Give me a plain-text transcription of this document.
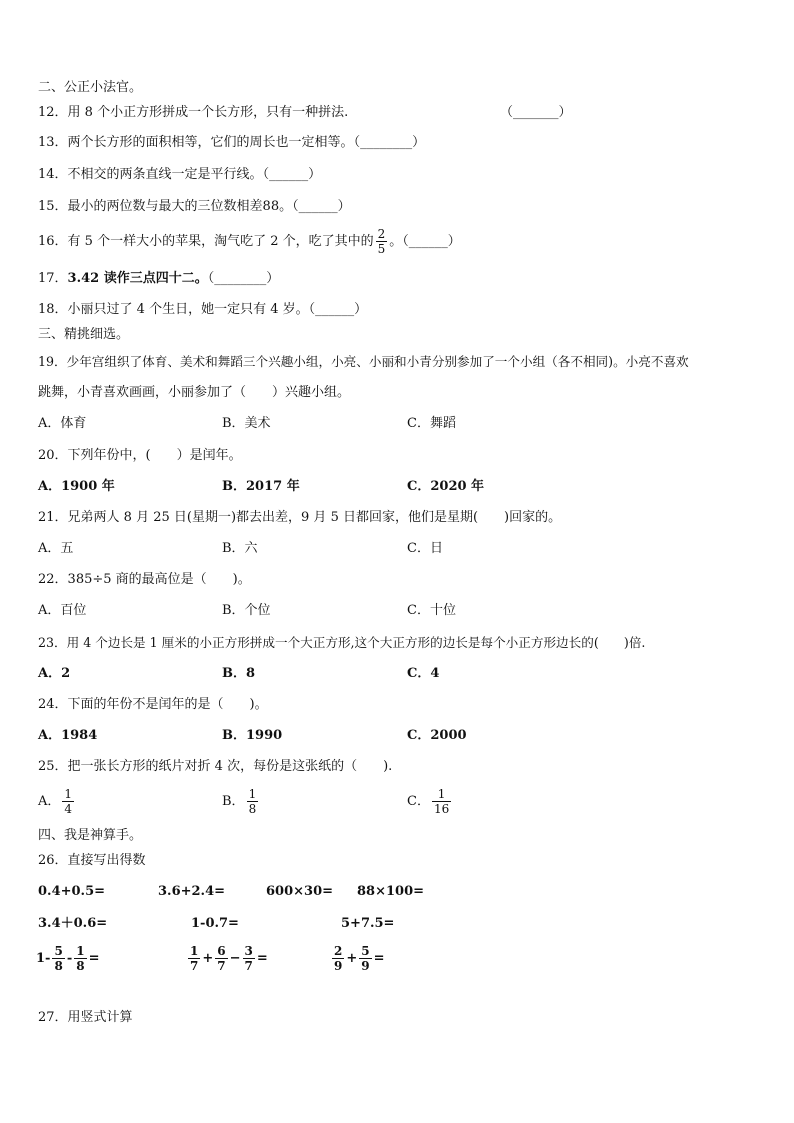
二、公正小法官。
12．用 8 个小正方形拼成一个长方形，只有一种拼法.	（_______）
13．两个长方形的面积相等，它们的周长也一定相等。（________）
14．不相交的两条直线一定是平行线。（______）
15．最小的两位数与最大的三位数相差88。（______）
16．有 5 个一样大小的苹果，淘气吃了 2 个，吃了其中的 $\frac{2}{5}$ 。（______）
17．3.42 读作三点四十二。（________）
18．小丽只过了 4 个生日，她一定只有 4 岁。（______）
三、精挑细选。
19．少年宫组织了体育、美术和舞蹈三个兴趣小组，小亮、小丽和小青分别参加了一个小组（各不相同)。小亮不喜欢
跳舞，小青喜欢画画，小丽参加了（　　）兴趣小组。
A．体育	B．美术	C．舞蹈
20．下列年份中，(　　）是闰年。
A．1900 年	B．2017 年	C．2020 年
21．兄弟两人 8 月 25 日(星期一)都去出差，9 月 5 日都回家，他们是星期(　　)回家的。
A．五	B．六	C．日
22．385÷5 商的最高位是（　　)。
A．百位	B．个位	C．十位
23．用 4 个边长是 1 厘米的小正方形拼成一个大正方形,这个大正方形的边长是每个小正方形边长的(　　)倍.
A．2	B．8	C．4
24．下面的年份不是闰年的是（　　)。
A．1984	B．1990	C．2000
25．把一张长方形的纸片对折 4 次，每份是这张纸的（　　).
A． $\frac{1}{4}$	B． $\frac{1}{8}$	C． $\frac{1}{16}$
四、我是神算手。
26．直接写出得数
0.4+0.5=	3.6+2.4=	600×30= 88×100=
3.4＋0.6=	1-0.7=	5+7.5=
$1- \frac{5}{8} - \frac{1}{8}$ =	$\frac{1}{7} + \frac{6}{7} - \frac{3}{7}$ =	$\frac{2}{9} + \frac{5}{9}$ =
27．用竖式计算
